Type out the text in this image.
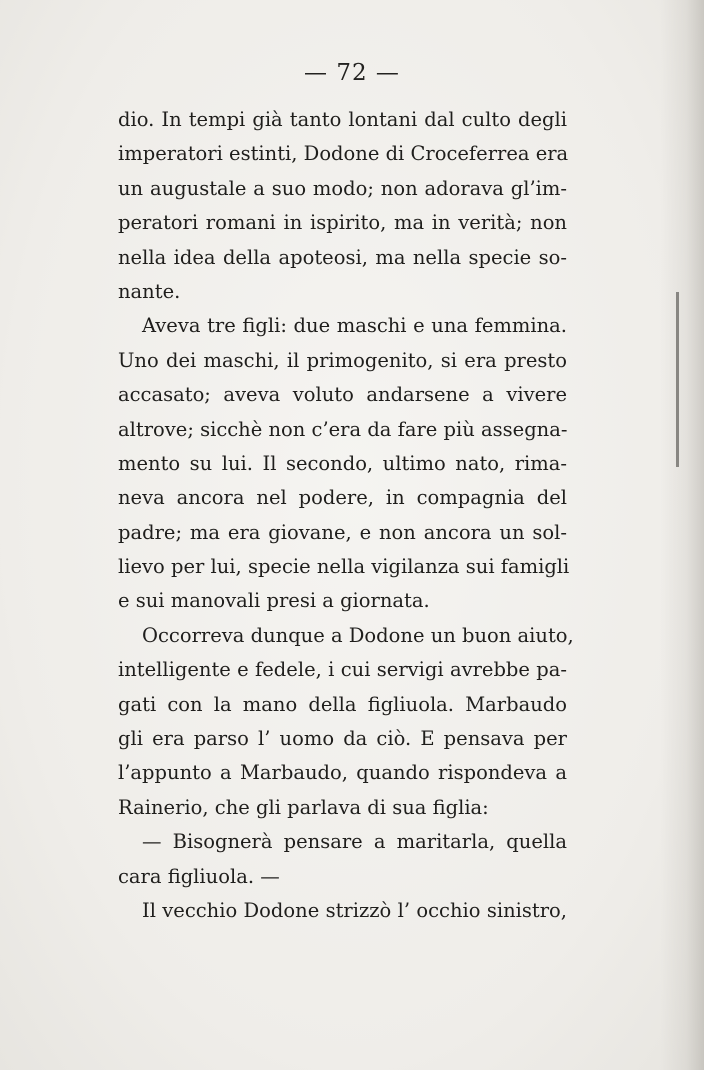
— 72 —
dio. In tempi già tanto lontani dal culto degli
imperatori estinti, Dodone di Croceferrea era
un augustale a suo modo; non adorava gl’im-
peratori romani in ispirito, ma in verità; non
nella idea della apoteosi, ma nella specie so-
nante.
Aveva tre figli: due maschi e una femmina.
Uno dei maschi, il primogenito, si era presto
accasato; aveva voluto andarsene a vivere
altrove; sicchè non c’era da fare più assegna-
mento su lui. Il secondo, ultimo nato, rima-
neva ancora nel podere, in compagnia del
padre; ma era giovane, e non ancora un sol-
lievo per lui, specie nella vigilanza sui famigli
e sui manovali presi a giornata.
Occorreva dunque a Dodone un buon aiuto,
intelligente e fedele, i cui servigi avrebbe pa-
gati con la mano della figliuola. Marbaudo
gli era parso l’ uomo da ciò. E pensava per
l’appunto a Marbaudo, quando rispondeva a
Rainerio, che gli parlava di sua figlia:
— Bisognerà pensare a maritarla, quella
cara figliuola. —
Il vecchio Dodone strizzò l’ occhio sinistro,
